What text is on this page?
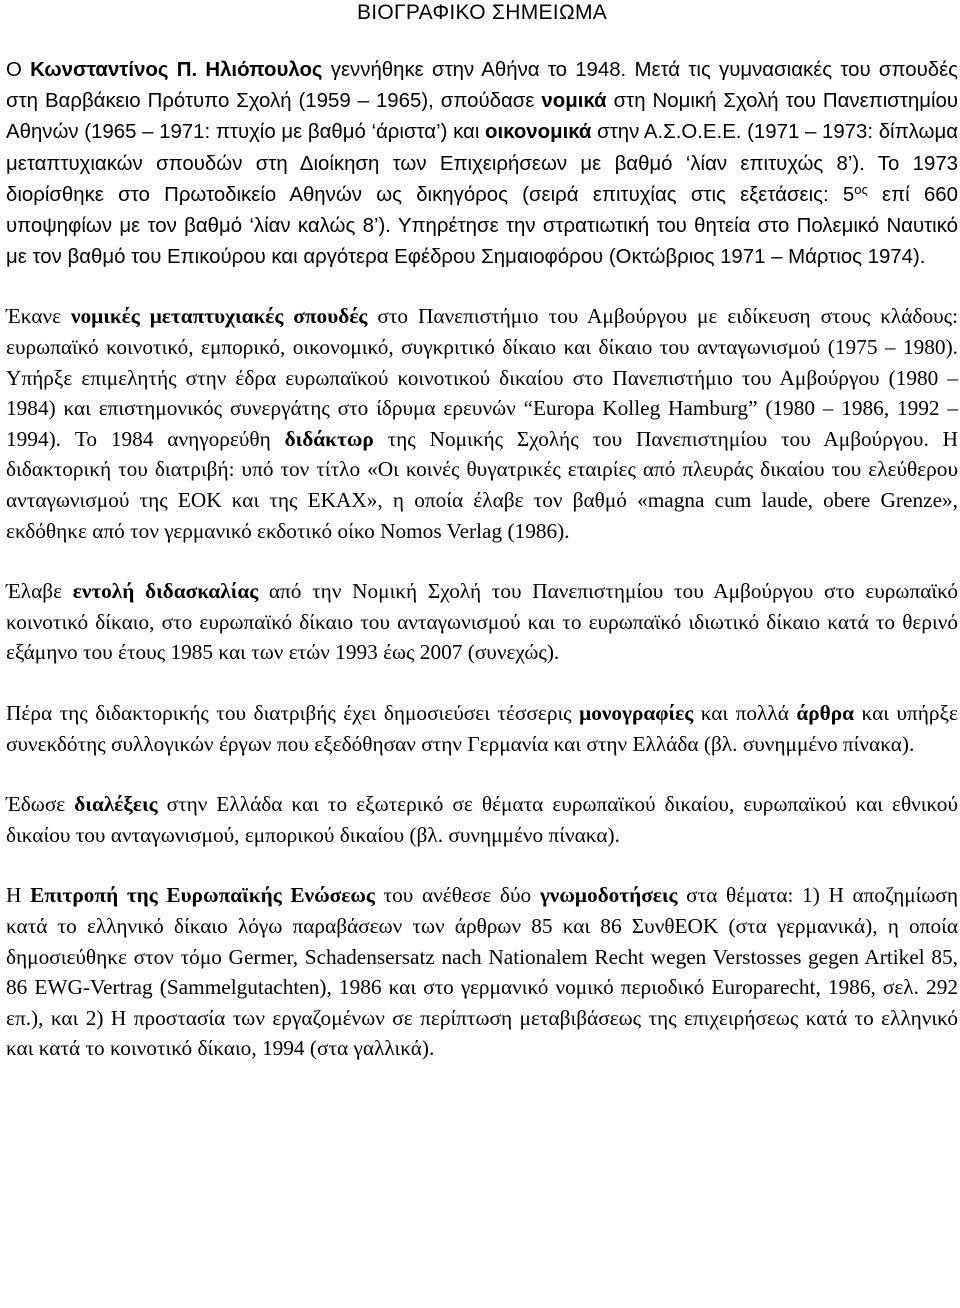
ΒΙΟΓΡΑΦΙΚΟ ΣΗΜΕΙΩΜΑ

Ο Κωνσταντίνος Π. Ηλιόπουλος γεννήθηκε στην Αθήνα το 1948. Μετά τις γυμνασιακές του σπουδές στη Βαρβάκειο Πρότυπο Σχολή (1959 – 1965), σπούδασε νομικά στη Νομική Σχολή του Πανεπιστημίου Αθηνών (1965 – 1971: πτυχίο με βαθμό ‘άριστα’) και οικονομικά στην Α.Σ.Ο.Ε.Ε. (1971 – 1973: δίπλωμα μεταπτυχιακών σπουδών στη Διοίκηση των Επιχειρήσεων με βαθμό ‘λίαν επιτυχώς 8’). Το 1973 διορίσθηκε στο Πρωτοδικείο Αθηνών ως δικηγόρος (σειρά επιτυχίας στις εξετάσεις: $5^{o\varsigma}$ επί 660 υποψηφίων με τον βαθμό ‘λίαν καλώς 8’). Υπηρέτησε την στρατιωτική του θητεία στο Πολεμικό Ναυτικό με τον βαθμό του Επικούρου και αργότερα Εφέδρου Σημαιοφόρου (Οκτώβριος 1971 – Μάρτιος 1974).

Έκανε νομικές μεταπτυχιακές σπουδές στο Πανεπιστήμιο του Αμβούργου με ειδίκευση στους κλάδους: ευρωπαϊκό κοινοτικό, εμπορικό, οικονομικό, συγκριτικό δίκαιο και δίκαιο του ανταγωνισμού (1975 – 1980). Υπήρξε επιμελητής στην έδρα ευρωπαϊκού κοινοτικού δικαίου στο Πανεπιστήμιο του Αμβούργου (1980 – 1984) και επιστημονικός συνεργάτης στο ίδρυμα ερευνών “Europa Kolleg Hamburg” (1980 – 1986, 1992 – 1994). Το 1984 ανηγορεύθη διδάκτωρ της Νομικής Σχολής του Πανεπιστημίου του Αμβούργου. Η διδακτορική του διατριβή: υπό τον τίτλο «Οι κοινές θυγατρικές εταιρίες από πλευράς δικαίου του ελεύθερου ανταγωνισμού της ΕΟΚ και της ΕΚΑΧ», η οποία έλαβε τον βαθμό «magna cum laude, obere Grenze», εκδόθηκε από τον γερμανικό εκδοτικό οίκο Nomos Verlag (1986).

Έλαβε εντολή διδασκαλίας από την Νομική Σχολή του Πανεπιστημίου του Αμβούργου στο ευρωπαϊκό κοινοτικό δίκαιο, στο ευρωπαϊκό δίκαιο του ανταγωνισμού και το ευρωπαϊκό ιδιωτικό δίκαιο κατά το θερινό εξάμηνο του έτους 1985 και των ετών 1993 έως 2007 (συνεχώς).

Πέρα της διδακτορικής του διατριβής έχει δημοσιεύσει τέσσερις μονογραφίες και πολλά άρθρα και υπήρξε συνεκδότης συλλογικών έργων που εξεδόθησαν στην Γερμανία και στην Ελλάδα (βλ. συνημμένο πίνακα).

Έδωσε διαλέξεις στην Ελλάδα και το εξωτερικό σε θέματα ευρωπαϊκού δικαίου, ευρωπαϊκού και εθνικού δικαίου του ανταγωνισμού, εμπορικού δικαίου (βλ. συνημμένο πίνακα).

Η Επιτροπή της Ευρωπαϊκής Ενώσεως του ανέθεσε δύο γνωμοδοτήσεις στα θέματα: 1) Η αποζημίωση κατά το ελληνικό δίκαιο λόγω παραβάσεων των άρθρων 85 και 86 ΣυνθΕΟΚ (στα γερμανικά), η οποία δημοσιεύθηκε στον τόμο Germer, Schadensersatz nach Nationalem Recht wegen Verstosses gegen Artikel 85, 86 EWG-Vertrag (Sammelgutachten), 1986 και στο γερμανικό νομικό περιοδικό Europarecht, 1986, σελ. 292 επ.), και 2) Η προστασία των εργαζομένων σε περίπτωση μεταβιβάσεως της επιχειρήσεως κατά το ελληνικό και κατά το κοινοτικό δίκαιο, 1994 (στα γαλλικά).
